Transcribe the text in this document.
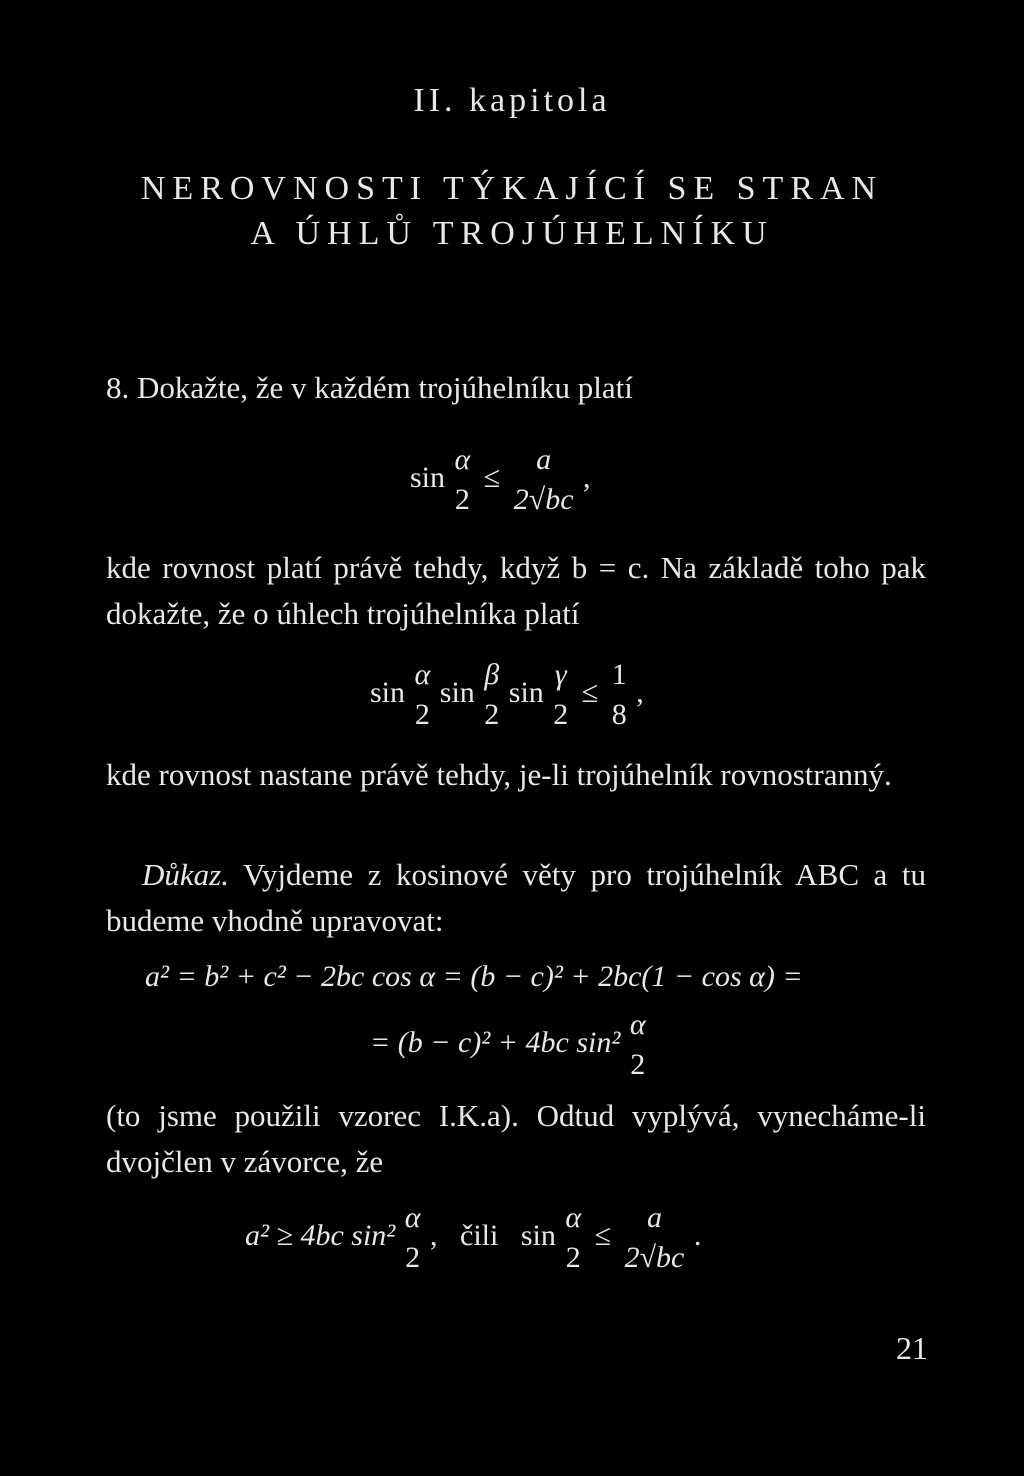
II. kapitola
NEROVNOSTI TÝKAJÍCÍ SE STRAN
A ÚHLŮ TROJÚHELNÍKU
8. Dokažte, že v každém trojúhelníku platí
sin
α
2
≤
a
2√bc
,
kde rovnost platí právě tehdy, když b = c. Na základě toho pak dokažte, že o úhlech trojúhelníka platí
sin
α
2
sin
β
2
sin
γ
2
≤
1
8
,
kde rovnost nastane právě tehdy, je-li trojúhelník rovnostranný.
Důkaz. Vyjdeme z kosinové věty pro trojúhelník ABC a tu budeme vhodně upravovat:
a² = b² + c² − 2bc cos α = (b − c)² + 2bc(1 − cos α) =
= (b − c)² + 4bc sin²
α
2
(to jsme použili vzorec I.K.a). Odtud vyplývá, vynecháme-li dvojčlen v závorce, že
a² ≥ 4bc sin²
α
2
,   čili   sin
α
2
≤
a
2√bc
.
21
